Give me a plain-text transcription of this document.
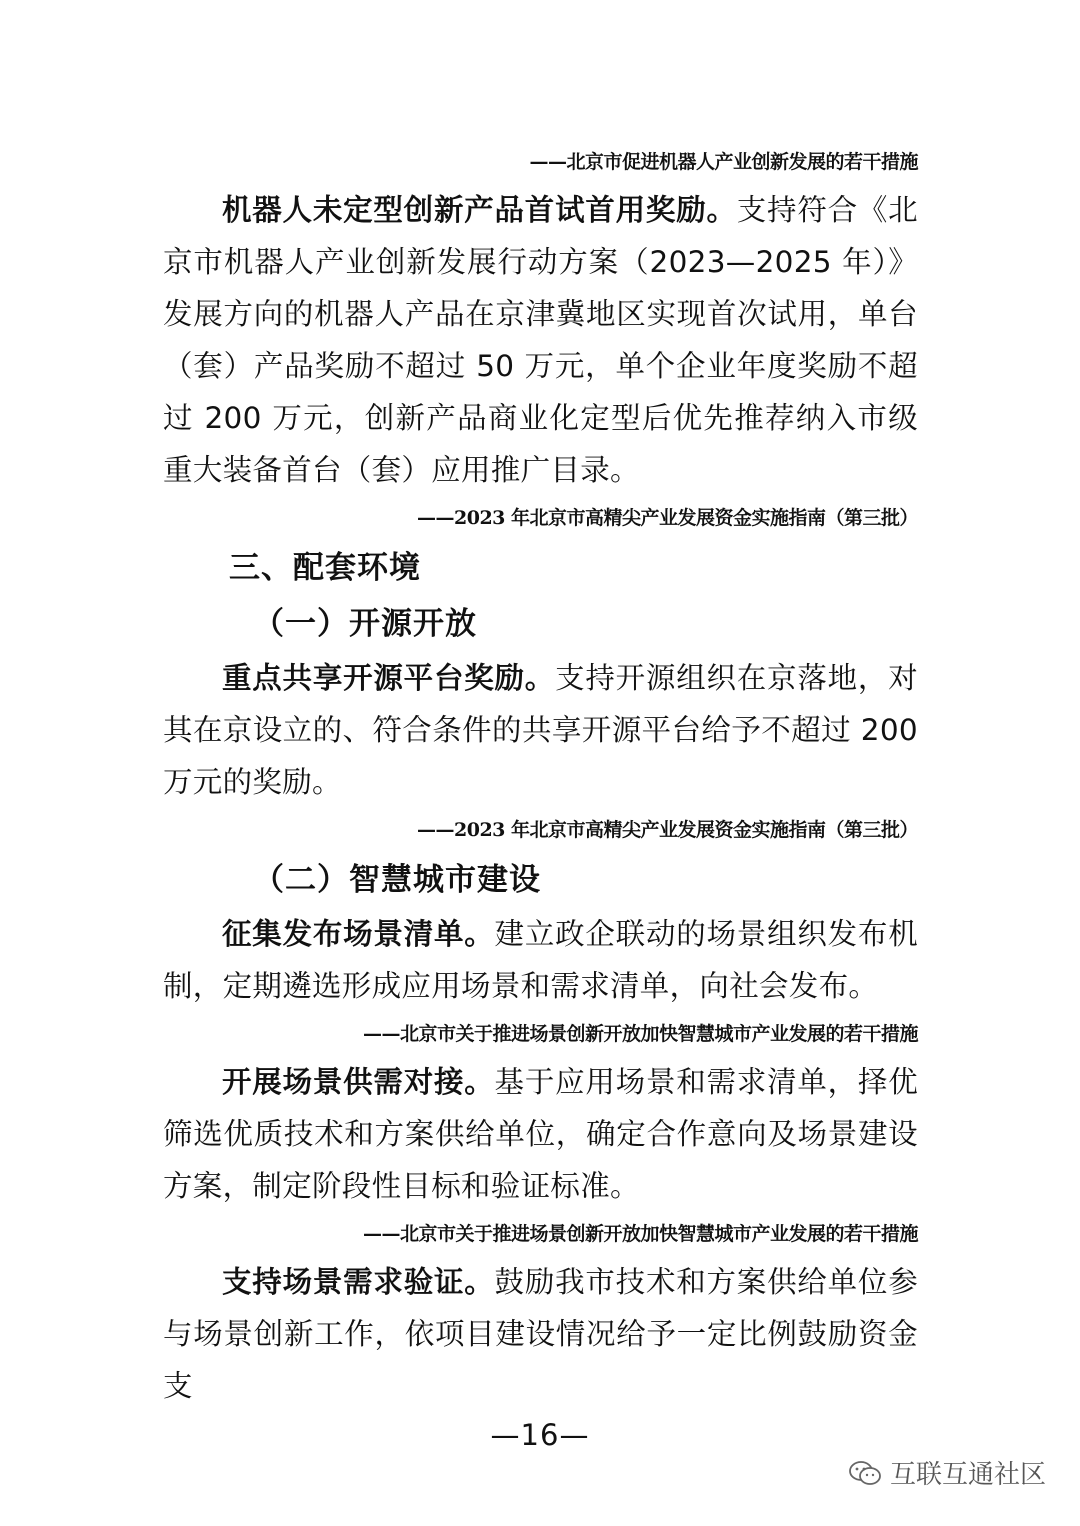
——北京市促进机器人产业创新发展的若干措施

机器人未定型创新产品首试首用奖励。支持符合《北京市机器人产业创新发展行动方案（2023—2025 年）》发展方向的机器人产品在京津冀地区实现首次试用，单台（套）产品奖励不超过 50 万元，单个企业年度奖励不超过 200 万元，创新产品商业化定型后优先推荐纳入市级重大装备首台（套）应用推广目录。

——2023 年北京市高精尖产业发展资金实施指南（第三批）
三、配套环境
（一）开源开放

重点共享开源平台奖励。支持开源组织在京落地，对其在京设立的、符合条件的共享开源平台给予不超过 200 万元的奖励。

——2023 年北京市高精尖产业发展资金实施指南（第三批）
（二）智慧城市建设

征集发布场景清单。建立政企联动的场景组织发布机制，定期遴选形成应用场景和需求清单，向社会发布。

——北京市关于推进场景创新开放加快智慧城市产业发展的若干措施

开展场景供需对接。基于应用场景和需求清单，择优筛选优质技术和方案供给单位，确定合作意向及场景建设方案，制定阶段性目标和验证标准。

——北京市关于推进场景创新开放加快智慧城市产业发展的若干措施

支持场景需求验证。鼓励我市技术和方案供给单位参与场景创新工作，依项目建设情况给予一定比例鼓励资金支

—16—
互联互通社区
